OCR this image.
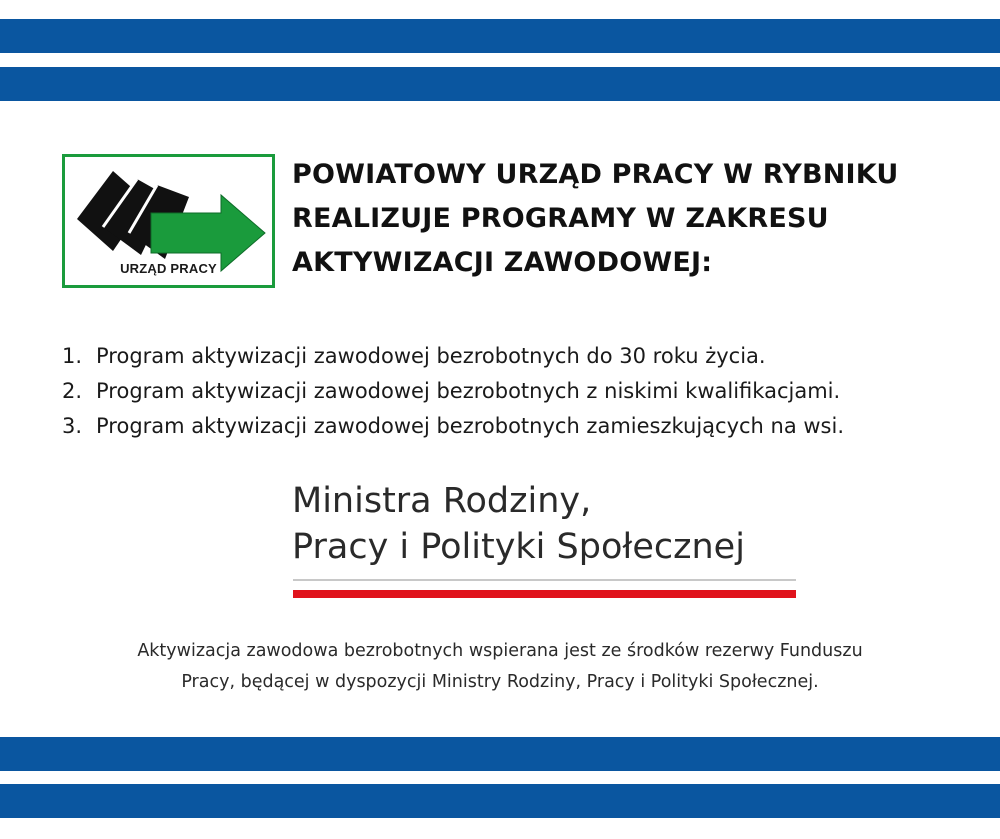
URZĄD PRACY
POWIATOWY URZĄD PRACY W RYBNIKU
REALIZUJE PROGRAMY W ZAKRESU
AKTYWIZACJI ZAWODOWEJ:
1. Program aktywizacji zawodowej bezrobotnych do 30 roku życia.
2. Program aktywizacji zawodowej bezrobotnych z niskimi kwalifikacjami.
3. Program aktywizacji zawodowej bezrobotnych zamieszkujących na wsi.
Ministra Rodziny,
Pracy i Polityki Społecznej
Aktywizacja zawodowa bezrobotnych wspierana jest ze środków rezerwy Funduszu
Pracy, będącej w dyspozycji Ministry Rodziny, Pracy i Polityki Społecznej.
